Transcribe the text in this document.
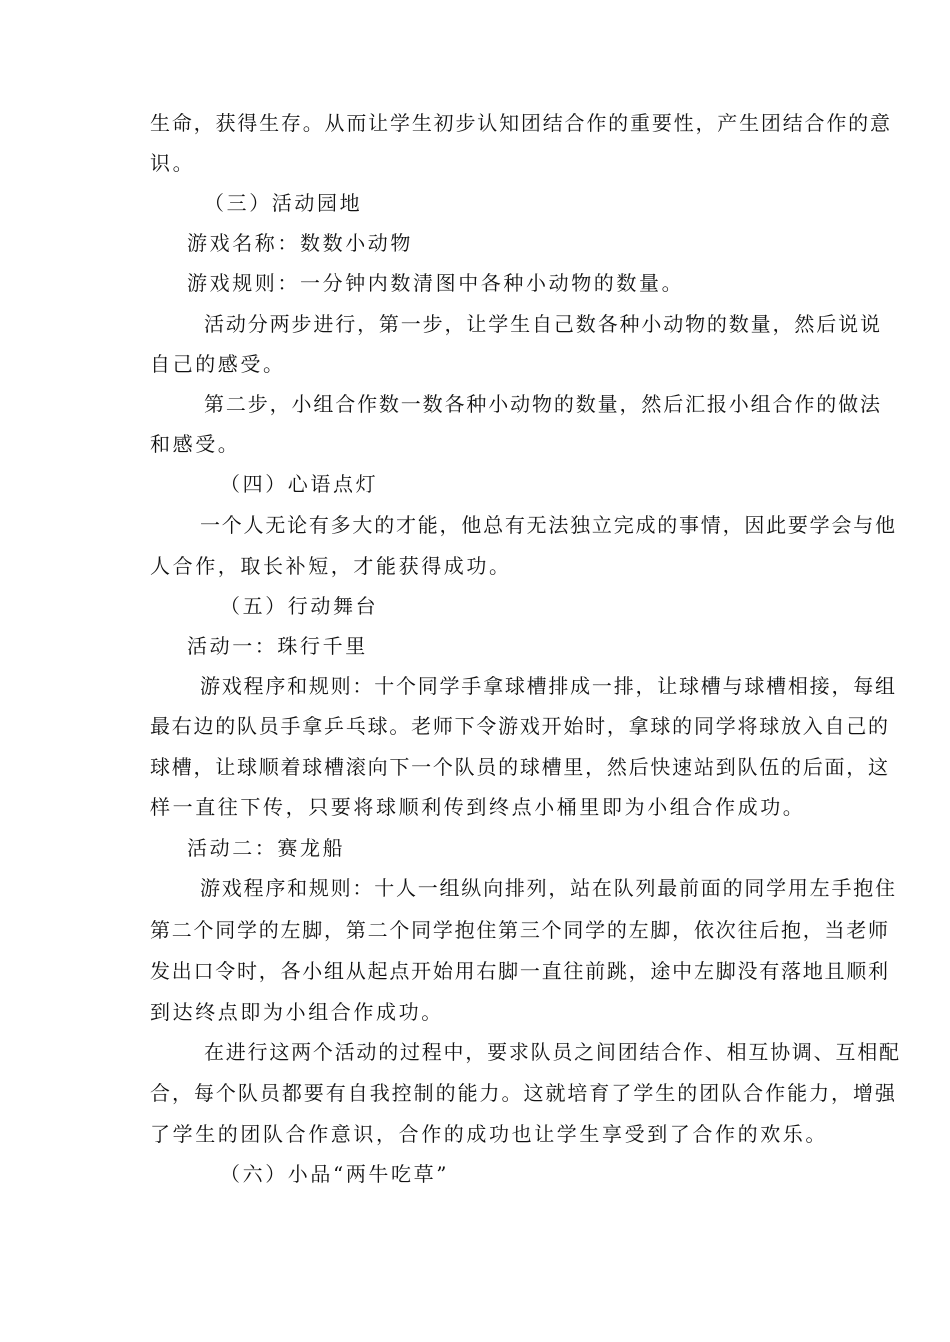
生命，获得生存。从而让学生初步认知团结合作的重要性，产生团结合作的意
识。
（三）活动园地
游戏名称：数数小动物
游戏规则：一分钟内数清图中各种小动物的数量。
活动分两步进行，第一步，让学生自己数各种小动物的数量，然后说说
自己的感受。
第二步，小组合作数一数各种小动物的数量，然后汇报小组合作的做法
和感受。
（四）心语点灯
一个人无论有多大的才能，他总有无法独立完成的事情，因此要学会与他
人合作，取长补短，才能获得成功。
（五）行动舞台
活动一：珠行千里
游戏程序和规则：十个同学手拿球槽排成一排，让球槽与球槽相接，每组
最右边的队员手拿乒乓球。老师下令游戏开始时，拿球的同学将球放入自己的
球槽，让球顺着球槽滚向下一个队员的球槽里，然后快速站到队伍的后面，这
样一直往下传，只要将球顺利传到终点小桶里即为小组合作成功。
活动二：赛龙船
游戏程序和规则：十人一组纵向排列，站在队列最前面的同学用左手抱住
第二个同学的左脚，第二个同学抱住第三个同学的左脚，依次往后抱，当老师
发出口令时，各小组从起点开始用右脚一直往前跳，途中左脚没有落地且顺利
到达终点即为小组合作成功。
在进行这两个活动的过程中，要求队员之间团结合作、相互协调、互相配
合，每个队员都要有自我控制的能力。这就培育了学生的团队合作能力，增强
了学生的团队合作意识，合作的成功也让学生享受到了合作的欢乐。
（六）小品“两牛吃草”
